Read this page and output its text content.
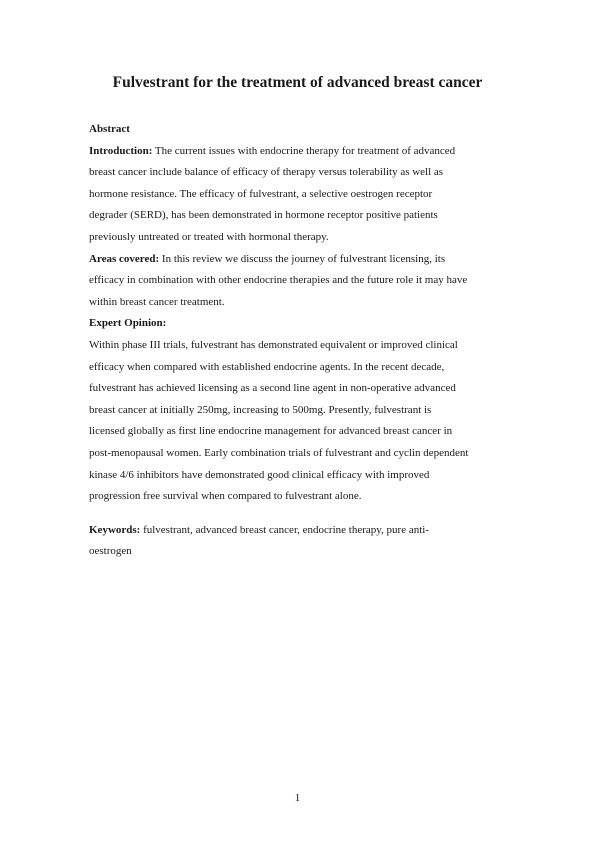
Fulvestrant for the treatment of advanced breast cancer

Abstract

Introduction: The current issues with endocrine therapy for treatment of advanced
breast cancer include balance of efficacy of therapy versus tolerability as well as
hormone resistance. The efficacy of fulvestrant, a selective oestrogen receptor
degrader (SERD), has been demonstrated in hormone receptor positive patients
previously untreated or treated with hormonal therapy.

Areas covered: In this review we discuss the journey of fulvestrant licensing, its
efficacy in combination with other endocrine therapies and the future role it may have
within breast cancer treatment.

Expert Opinion:
Within phase III trials, fulvestrant has demonstrated equivalent or improved clinical
efficacy when compared with established endocrine agents. In the recent decade,
fulvestrant has achieved licensing as a second line agent in non-operative advanced
breast cancer at initially 250mg, increasing to 500mg. Presently, fulvestrant is
licensed globally as first line endocrine management for advanced breast cancer in
post-menopausal women. Early combination trials of fulvestrant and cyclin dependent
kinase 4/6 inhibitors have demonstrated good clinical efficacy with improved
progression free survival when compared to fulvestrant alone.

Keywords: fulvestrant, advanced breast cancer, endocrine therapy, pure anti-
oestrogen

1
